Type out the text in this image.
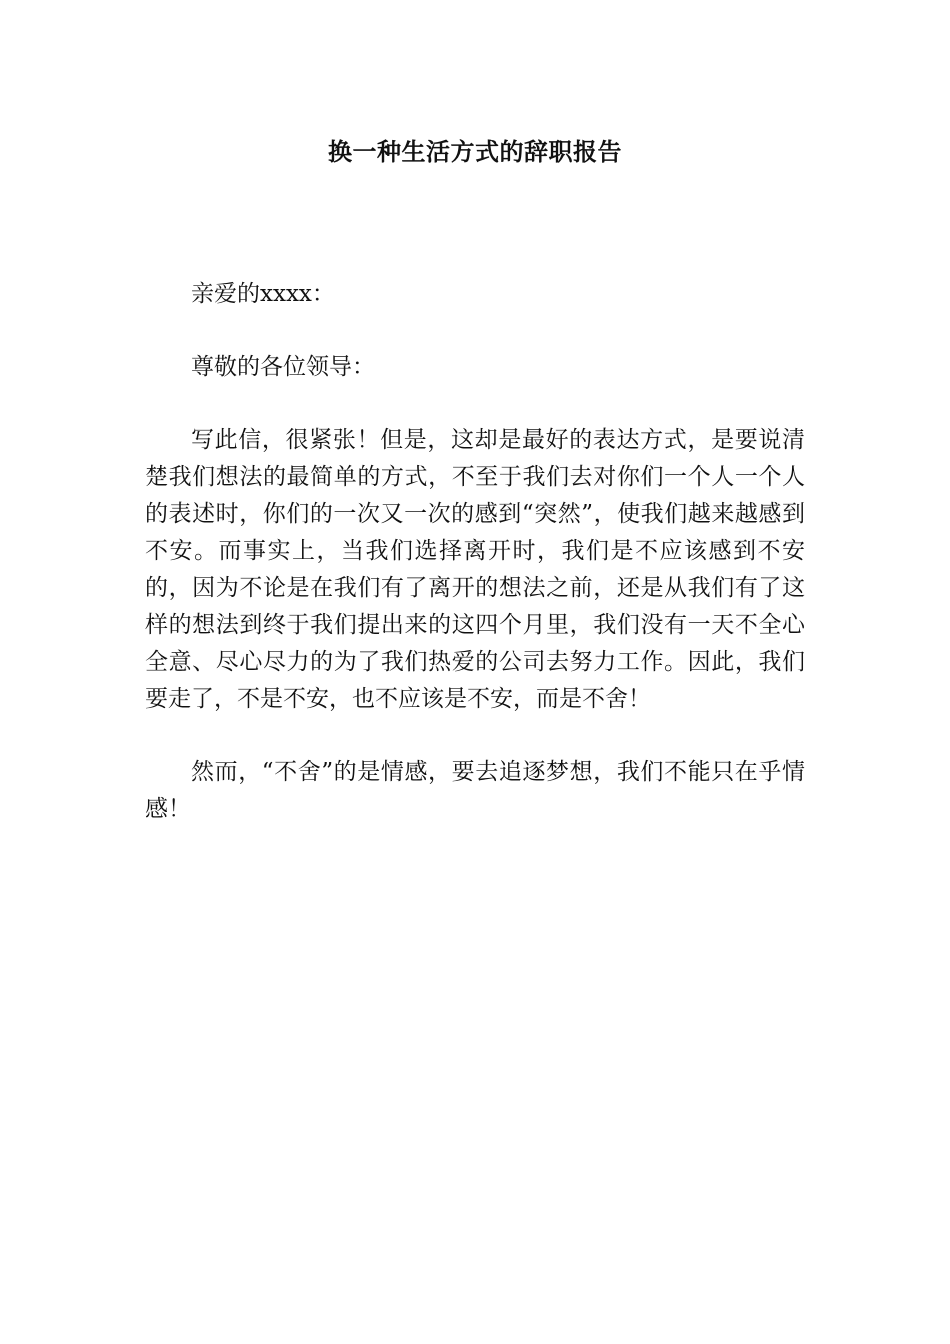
换一种生活方式的辞职报告

亲爱的xxxx：

尊敬的各位领导：

写此信，很紧张！但是，这却是最好的表达方式，是要说清楚我们想法的最简单的方式，不至于我们去对你们一个人一个人的表述时，你们的一次又一次的感到“突然”，使我们越来越感到不安。而事实上，当我们选择离开时，我们是不应该感到不安的，因为不论是在我们有了离开的想法之前，还是从我们有了这样的想法到终于我们提出来的这四个月里，我们没有一天不全心全意、尽心尽力的为了我们热爱的公司去努力工作。因此，我们要走了，不是不安，也不应该是不安，而是不舍！

然而，“不舍”的是情感，要去追逐梦想，我们不能只在乎情感！
